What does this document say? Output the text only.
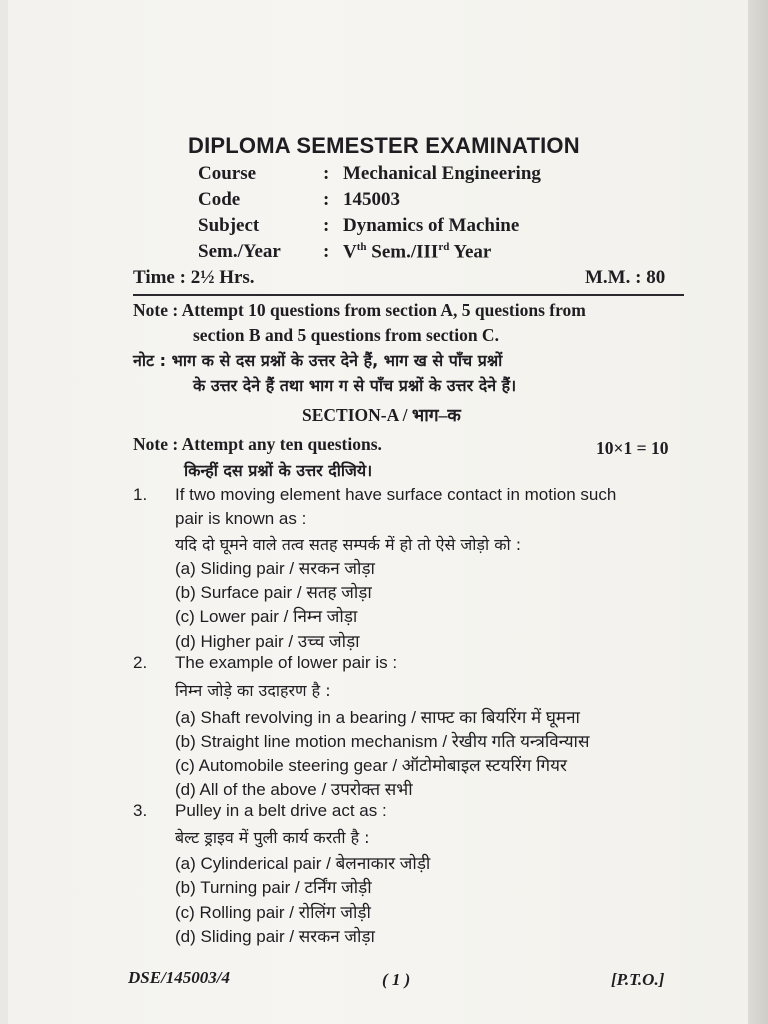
DIPLOMA SEMESTER EXAMINATION
Course	: Mechanical Engineering
Code	: 145003
Subject	: Dynamics of Machine
Sem./Year : Vth Sem./IIIrd Year
Time : 2½ Hrs.	M.M. : 80
Note : Attempt 10 questions from section A, 5 questions from
section B and 5 questions from section C.
नोट : भाग क से दस प्रश्नों के उत्तर देने हैं, भाग ख से पाँच प्रश्नों
के उत्तर देने हैं तथा भाग ग से पाँच प्रश्नों के उत्तर देने हैं।
SECTION-A / भाग–क
Note : Attempt any ten questions.	10×1 = 10
किन्हीं दस प्रश्नों के उत्तर दीजिये।
1. If two moving element have surface contact in motion such
pair is known as :
यदि दो घूमने वाले तत्व सतह सम्पर्क में हो तो ऐसे जोड़ो को :
(a) Sliding pair / सरकन जोड़ा
(b) Surface pair / सतह जोड़ा
(c) Lower pair / निम्न जोड़ा
(d) Higher pair / उच्च जोड़ा
2. The example of lower pair is :
निम्न जोड़े का उदाहरण है :
(a) Shaft revolving in a bearing / साफ्ट का बियरिंग में घूमना
(b) Straight line motion mechanism / रेखीय गति यन्त्रविन्यास
(c) Automobile steering gear / ऑटोमोबाइल स्टयरिंग गियर
(d) All of the above / उपरोक्त सभी
3. Pulley in a belt drive act as :
बेल्ट ड्राइव में पुली कार्य करती है :
(a) Cylinderical pair / बेलनाकार जोड़ी
(b) Turning pair / टर्निंग जोड़ी
(c) Rolling pair / रोलिंग जोड़ी
(d) Sliding pair / सरकन जोड़ा
DSE/145003/4	( 1 )	[P.T.O.]
